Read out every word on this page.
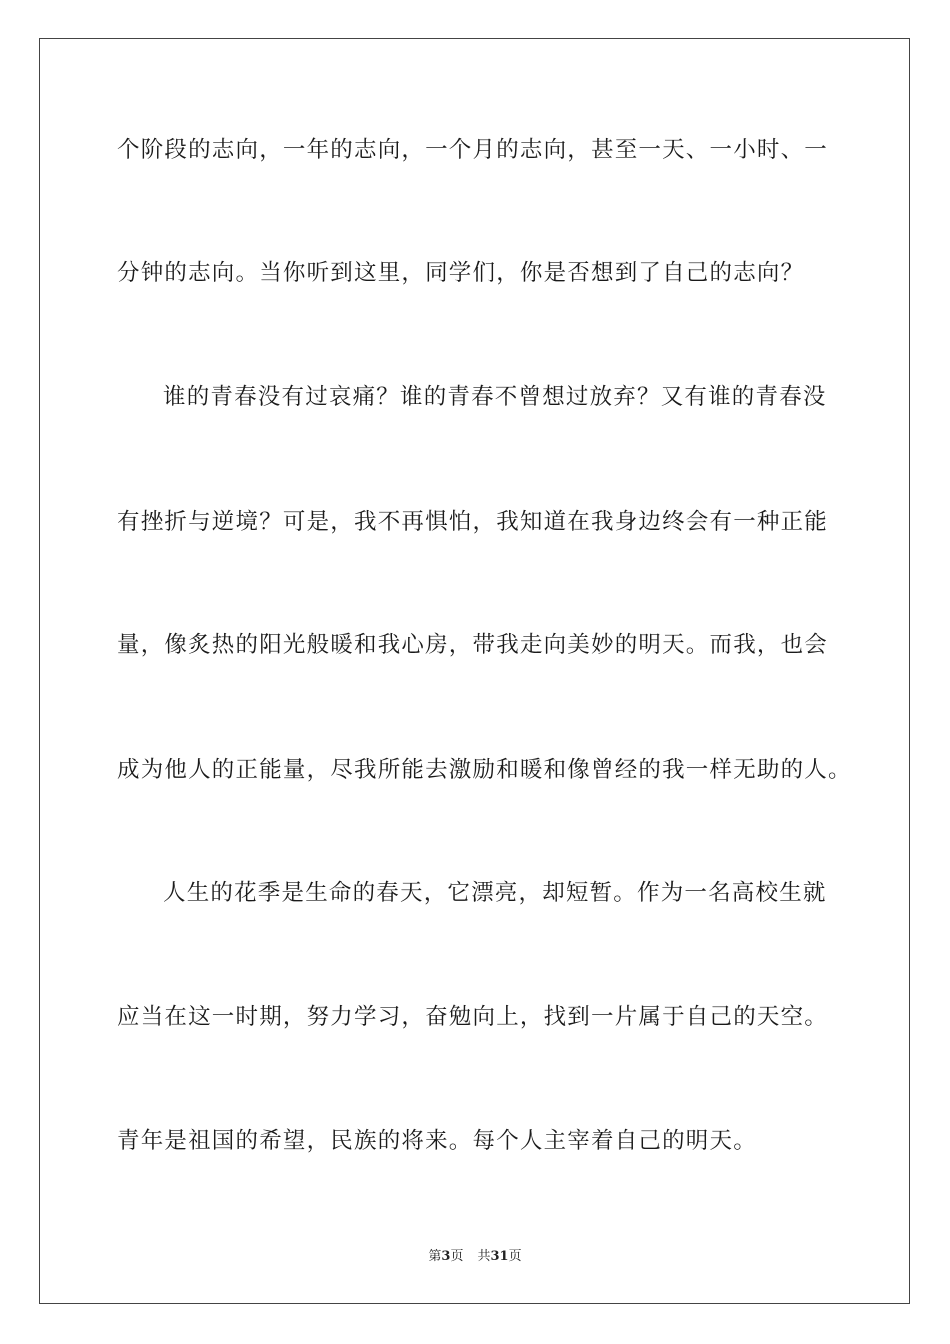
个阶段的志向，一年的志向，一个月的志向，甚至一天、一小时、一
分钟的志向。当你听到这里，同学们，你是否想到了自己的志向？
谁的青春没有过哀痛？谁的青春不曾想过放弃？又有谁的青春没
有挫折与逆境？可是，我不再惧怕，我知道在我身边终会有一种正能
量，像炙热的阳光般暖和我心房，带我走向美妙的明天。而我，也会
成为他人的正能量，尽我所能去激励和暖和像曾经的我一样无助的人。
人生的花季是生命的春天，它漂亮，却短暂。作为一名高校生就
应当在这一时期，努力学习，奋勉向上，找到一片属于自己的天空。
青年是祖国的希望，民族的将来。每个人主宰着自己的明天。
第3页 共31页
